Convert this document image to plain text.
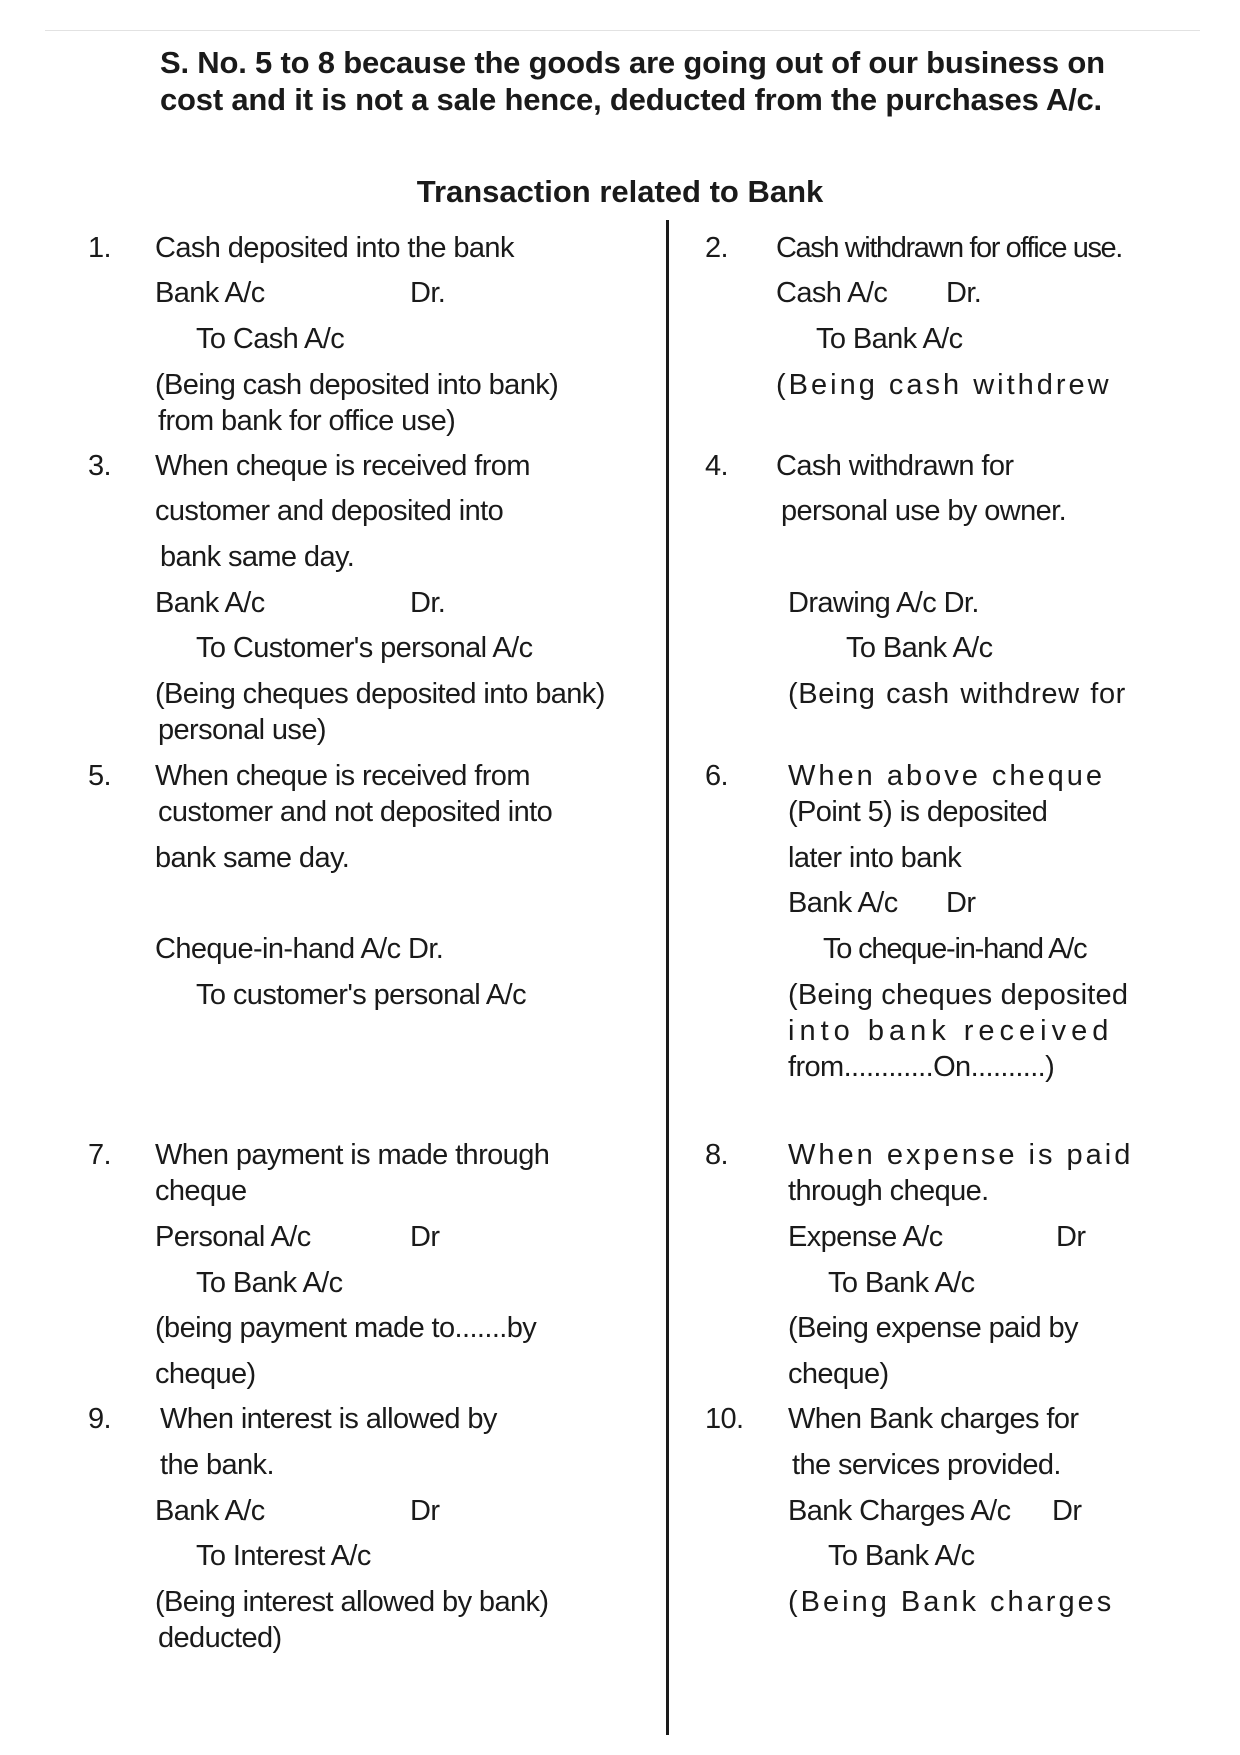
S. No. 5 to 8 because the goods are going out of our business on
cost and it is not a sale hence, deducted from the purchases A/c.
Transaction related to Bank
1. Cash deposited into the bank
Bank A/c	Dr.
To Cash A/c
(Being cash deposited into bank)
from bank for office use)
3. When cheque is received from
customer and deposited into
bank same day.
Bank A/c	Dr.
To Customer's personal A/c
(Being cheques deposited into bank)
personal use)
5. When cheque is received from
customer and not deposited into
bank same day.
Cheque-in-hand A/c Dr.
To customer's personal A/c
7. When payment is made through
cheque
Personal A/c	Dr
To Bank A/c
(being payment made to.......by
cheque)
9. When interest is allowed by
the bank.
Bank A/c	Dr
To Interest A/c
(Being interest allowed by bank)
deducted)
2. Cash withdrawn for office use.
Cash A/c Dr.
To Bank A/c
(Being cash withdrew
4. Cash withdrawn for
personal use by owner.
Drawing A/c Dr.
To Bank A/c
(Being cash withdrew for
6. When above cheque
(Point 5) is deposited
later into bank
Bank A/c Dr
To cheque-in-hand A/c
(Being cheques deposited
into bank received
from............On..........)
8. When expense is paid
through cheque.
Expense A/c	Dr
To Bank A/c
(Being expense paid by
cheque)
10. When Bank charges for
the services provided.
Bank Charges A/c Dr
To Bank A/c
(Being Bank charges
